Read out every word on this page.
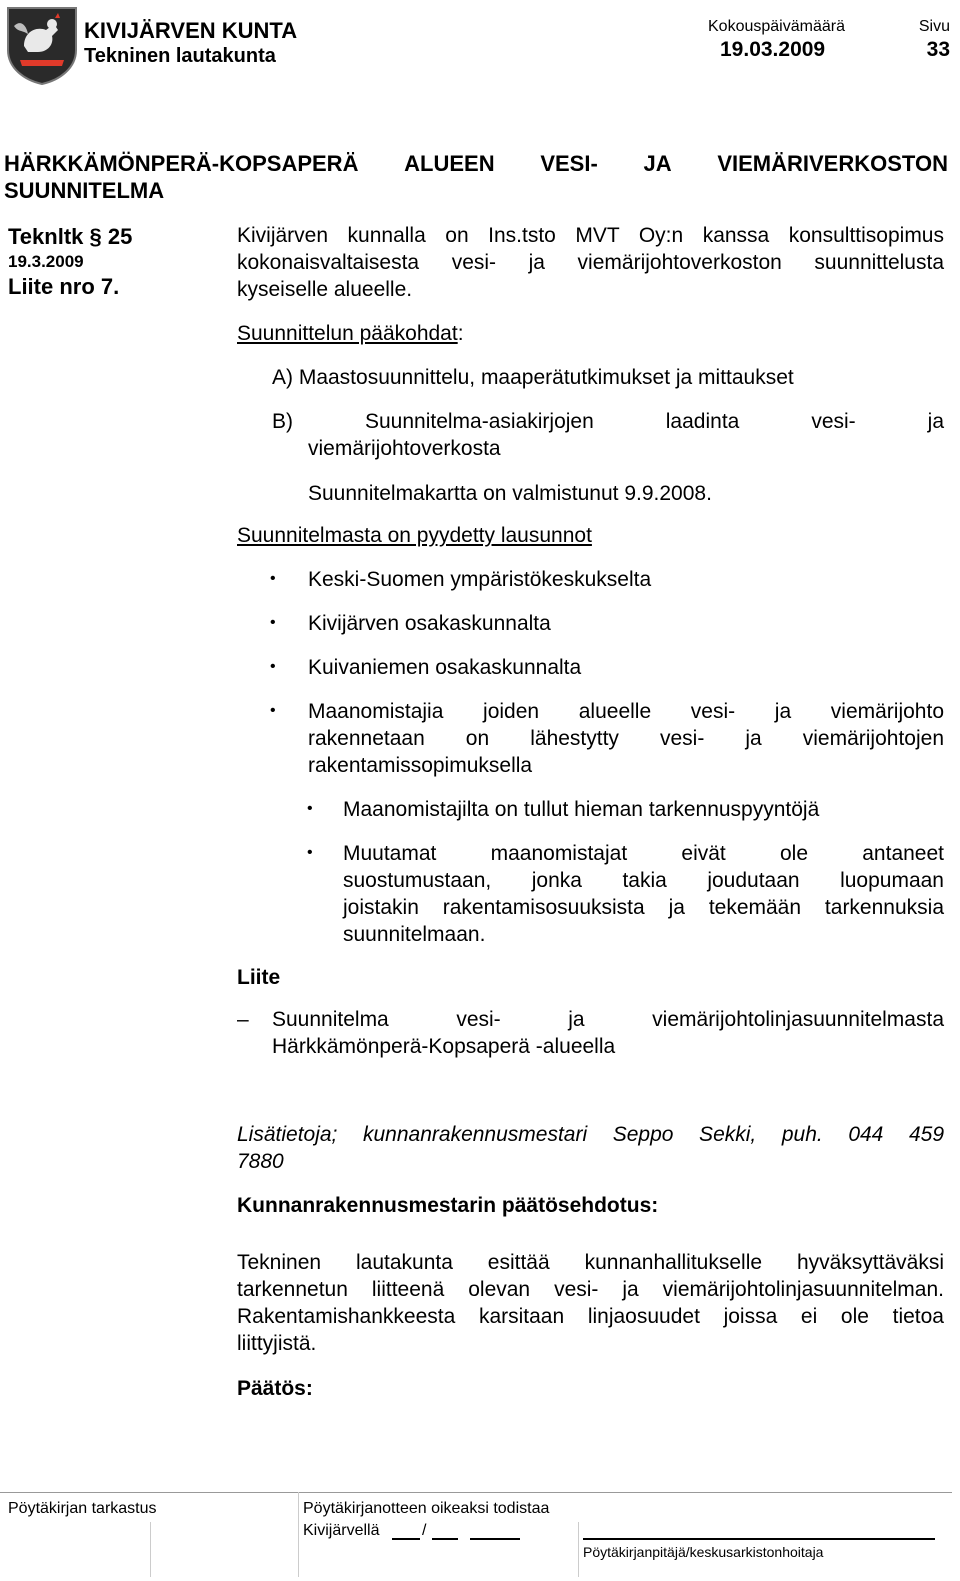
KIVIJÄRVEN KUNTA
Tekninen lautakunta
Kokouspäivämäärä
19.03.2009
Sivu
33
HÄRKKÄMÖNPERÄ-KOPSAPERÄ ALUEEN VESI- JA VIEMÄRIVERKOSTON
SUUNNITELMA
Teknltk § 25
19.3.2009
Liite nro 7.
Kivijärven kunnalla on Ins.tsto MVT Oy:n kanssa konsulttisopimus
kokonaisvaltaisesta vesi- ja viemärijohtoverkoston suunnittelusta
kyseiselle alueelle.
Suunnittelun pääkohdat:
A) Maastosuunnittelu, maaperätutkimukset ja mittaukset
B) Suunnitelma-asiakirjojen laadinta vesi- ja
viemärijohtoverkosta
Suunnitelmakartta on valmistunut 9.9.2008.
Suunnitelmasta on pyydetty lausunnot
• Keski-Suomen ympäristökeskukselta
• Kivijärven osakaskunnalta
• Kuivaniemen osakaskunnalta
• Maanomistajia joiden alueelle vesi- ja viemärijohto
rakennetaan on lähestytty vesi- ja viemärijohtojen
rakentamissopimuksella
• Maanomistajilta on tullut hieman tarkennuspyyntöjä
• Muutamat maanomistajat eivät ole antaneet
suostumustaan, jonka takia joudutaan luopumaan
joistakin rakentamisosuuksista ja tekemään tarkennuksia
suunnitelmaan.
Liite
– Suunnitelma vesi- ja viemärijohtolinjasuunnitelmasta
Härkkämönperä-Kopsaperä -alueella
Lisätietoja; kunnanrakennusmestari Seppo Sekki, puh. 044 459
7880
Kunnanrakennusmestarin päätösehdotus:
Tekninen lautakunta esittää kunnanhallitukselle hyväksyttäväksi
tarkennetun liitteenä olevan vesi- ja viemärijohtolinjasuunnitelman.
Rakentamishankkeesta karsitaan linjaosuudet joissa ei ole tietoa
liittyjistä.
Päätös:
Pöytäkirjan tarkastus	Pöytäkirjanotteen oikeaksi todistaa
Kivijärvellä	/
Pöytäkirjanpitäjä/keskusarkistonhoitaja
